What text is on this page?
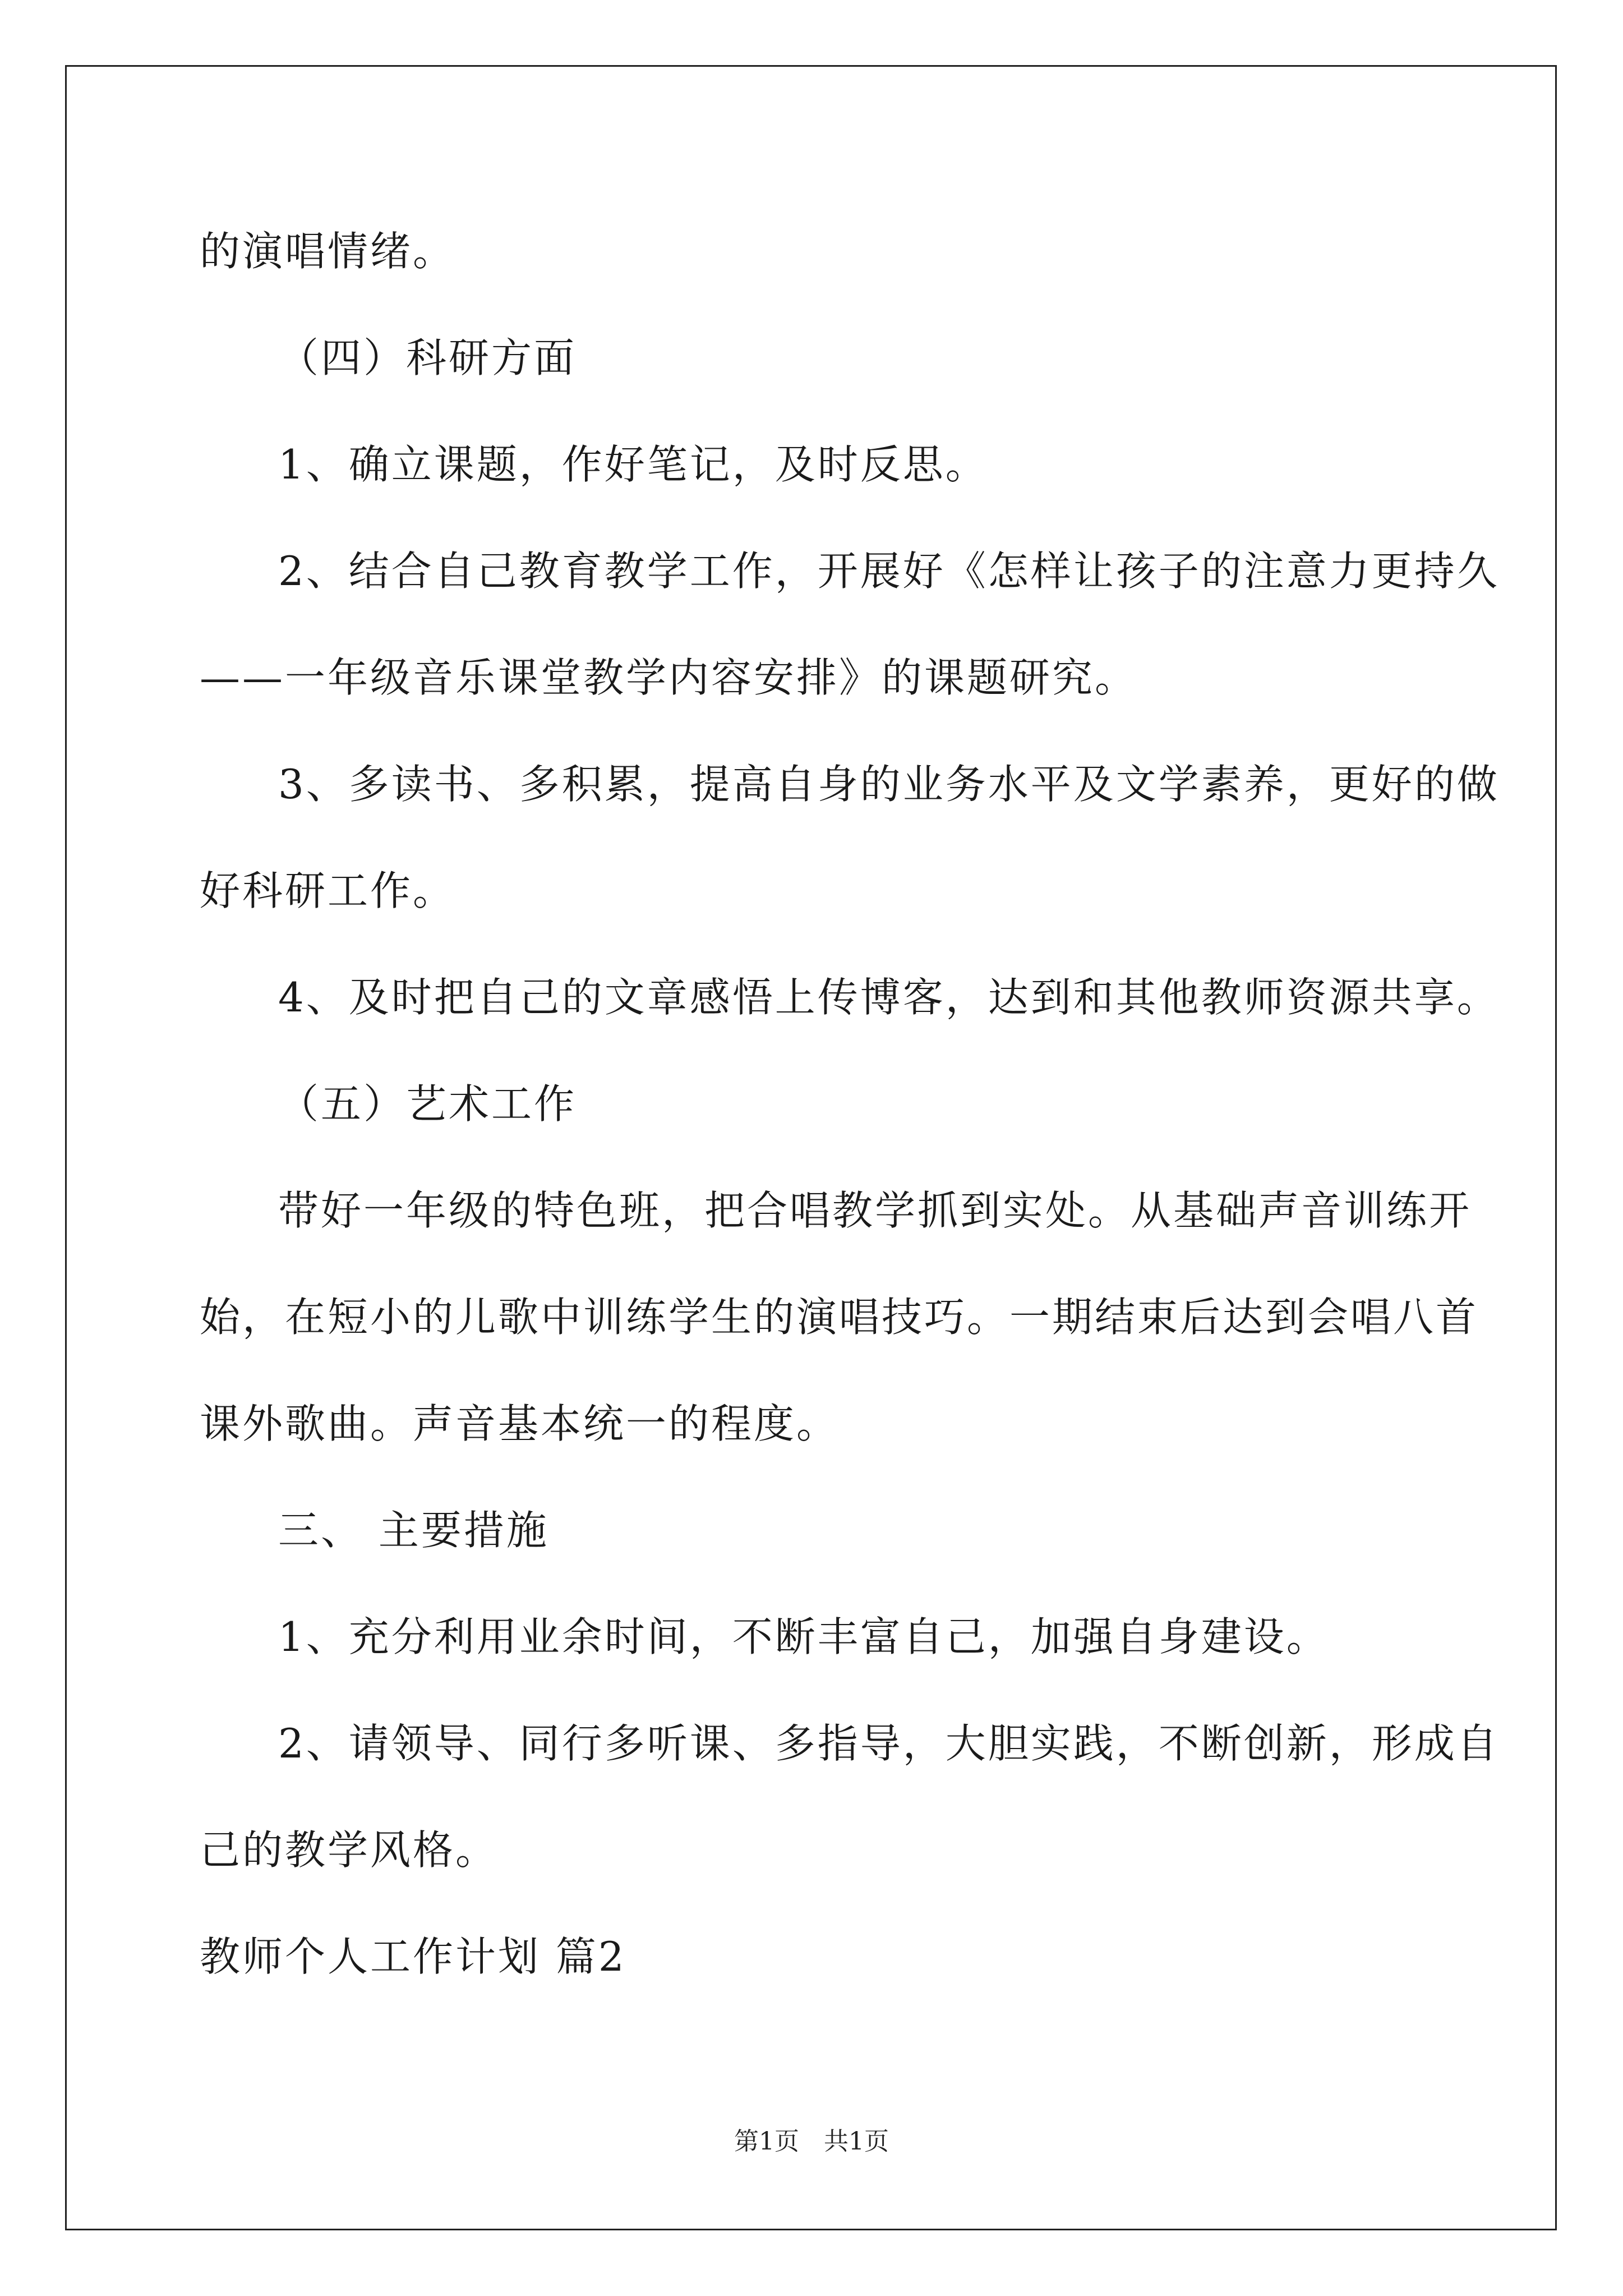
的演唱情绪。
（四）科研方面
1、确立课题，作好笔记，及时反思。
2、结合自己教育教学工作，开展好《怎样让孩子的注意力更持久
——一年级音乐课堂教学内容安排》的课题研究。
3、多读书、多积累，提高自身的业务水平及文学素养，更好的做
好科研工作。
4、及时把自己的文章感悟上传博客，达到和其他教师资源共享。
（五）艺术工作
带好一年级的特色班，把合唱教学抓到实处。从基础声音训练开
始，在短小的儿歌中训练学生的演唱技巧。一期结束后达到会唱八首
课外歌曲。声音基本统一的程度。
三、 主要措施
1、充分利用业余时间，不断丰富自己，加强自身建设。
2、请领导、同行多听课、多指导，大胆实践，不断创新，形成自
己的教学风格。
教师个人工作计划 篇2
第1页　共1页
